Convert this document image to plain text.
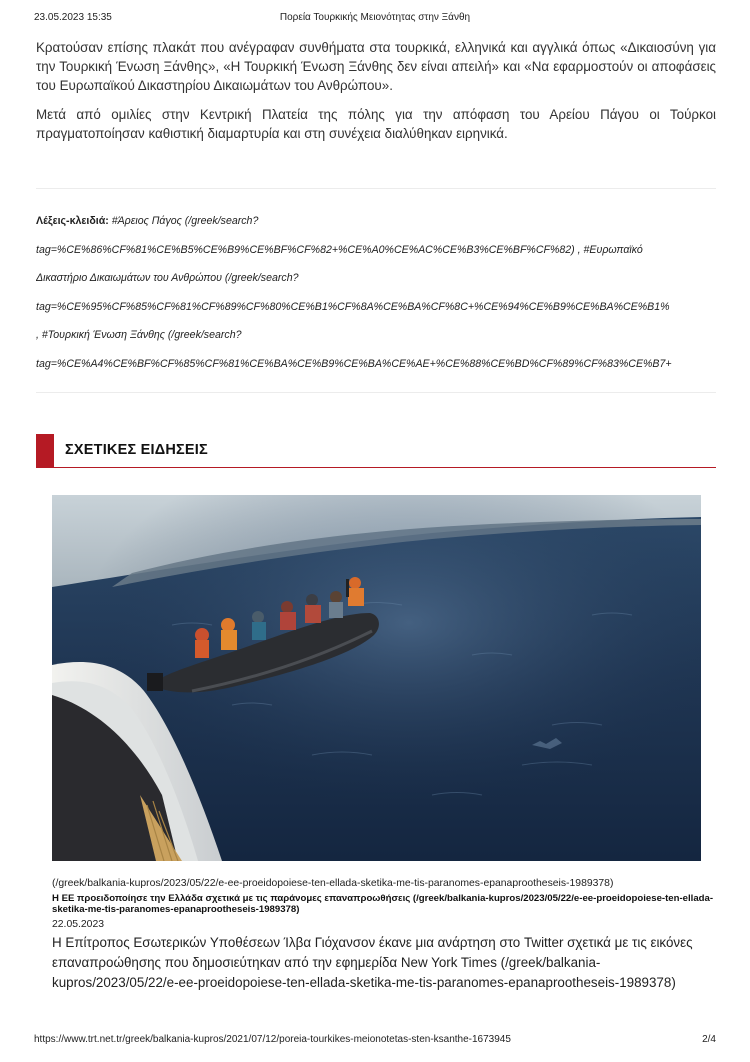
23.05.2023 15:35	Πορεία Τουρκικής Μειονότητας στην Ξάνθη

Κρατούσαν επίσης πλακάτ που ανέγραφαν συνθήματα στα τουρκικά, ελληνικά και αγγλικά όπως «Δικαιοσύνη για την Τουρκική Ένωση Ξάνθης», «Η Τουρκική Ένωση Ξάνθης δεν είναι απειλή» και «Να εφαρμοστούν οι αποφάσεις του Ευρωπαϊκού Δικαστηρίου Δικαιωμάτων του Ανθρώπου».

Μετά από ομιλίες στην Κεντρική Πλατεία της πόλης για την απόφαση του Αρείου Πάγου οι Τούρκοι πραγματοποίησαν καθιστική διαμαρτυρία και στη συνέχεια διαλύθηκαν ειρηνικά.

Λέξεις-κλειδιά: #Άρειος Πάγος (/greek/search?
tag=%CE%86%CF%81%CE%B5%CE%B9%CE%BF%CF%82+%CE%A0%CE%AC%CE%B3%CE%BF%CF%82) , #Ευρωπαϊκό
Δικαστήριο Δικαιωμάτων του Ανθρώπου (/greek/search?
tag=%CE%95%CF%85%CF%81%CF%89%CF%80%CE%B1%CF%8A%CE%BA%CF%8C+%CE%94%CE%B9%CE%BA%CE%B1%
, #Τουρκική Ένωση Ξάνθης (/greek/search?
tag=%CE%A4%CE%BF%CF%85%CF%81%CE%BA%CE%B9%CE%BA%CE%AE+%CE%88%CE%BD%CF%89%CF%83%CE%B7+
ΣΧΕΤΙΚΕΣ ΕΙΔΗΣΕΙΣ
(/greek/balkania-kupros/2023/05/22/e-ee-proeidopoiese-ten-ellada-sketika-me-tis-paranomes-epanaprootheseis-1989378)
Η ΕΕ προειδοποίησε την Ελλάδα σχετικά με τις παράνομες επαναπροωθήσεις (/greek/balkania-kupros/2023/05/22/e-ee-proeidopoiese-ten-ellada-sketika-me-tis-paranomes-epanaprootheseis-1989378)
22.05.2023
Η Επίτροπος Εσωτερικών Υποθέσεων Ίλβα Γιόχανσον έκανε μια ανάρτηση στο Twitter σχετικά με τις εικόνες επαναπροώθησης που δημοσιεύτηκαν από την εφημερίδα New York Times (/greek/balkania-kupros/2023/05/22/e-ee-proeidopoiese-ten-ellada-sketika-me-tis-paranomes-epanaprootheseis-1989378)
https://www.trt.net.tr/greek/balkania-kupros/2021/07/12/poreia-tourkikes-meionotetas-sten-ksanthe-1673945	2/4
